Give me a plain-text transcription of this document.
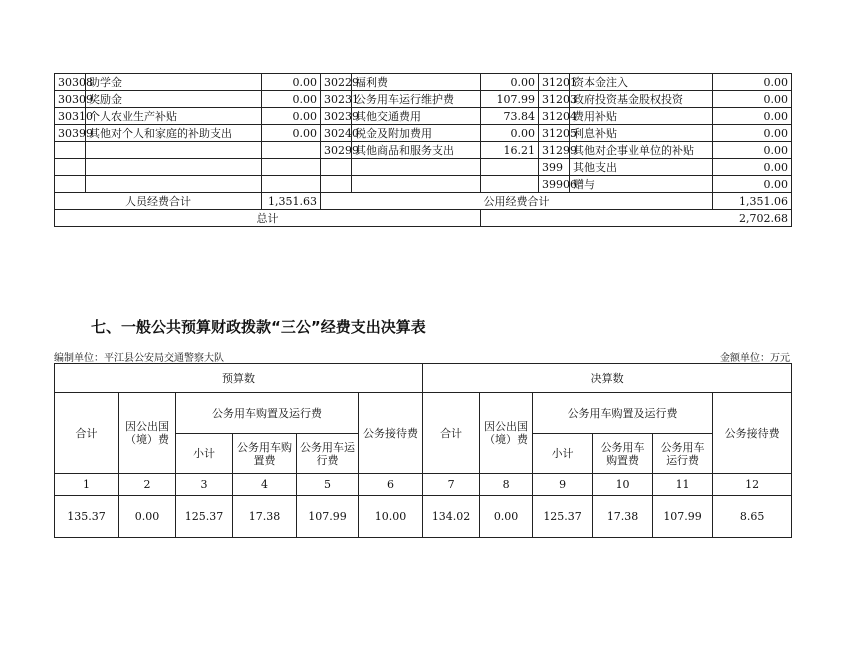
30308	助学金	0.00	30229	福利费	0.00	31201	资本金注入	0.00
30309	奖励金	0.00	30231	公务用车运行维护费	107.99	31203	政府投资基金股权投资	0.00
30310	个人农业生产补贴	0.00	30239	其他交通费用	73.84	31204	费用补贴	0.00
30399	其他对个人和家庭的补助支出	0.00	30240	税金及附加费用	0.00	31205	利息补贴	0.00
			30299	其他商品和服务支出	16.21	31299	其他对企事业单位的补贴	0.00
						399	其他支出	0.00
						39906	赠与	0.00
人员经费合计		1,351.63	公用经费合计					1,351.06
总计					2,702.68			
七、一般公共预算财政拨款“三公”经费支出决算表
编制单位：平江县公安局交通警察大队	金额单位：万元
预算数						决算数					
合计	因公出国（境）费	公务用车购置及运行费			公务接待费	合计	因公出国（境）费	公务用车购置及运行费			公务接待费
		小计	公务用车购置费	公务用车运行费				小计	公务用车购置费	公务用车运行费	
1	2	3	4	5	6	7	8	9	10	11	12
135.37	0.00	125.37	17.38	107.99	10.00	134.02	0.00	125.37	17.38	107.99	8.65
